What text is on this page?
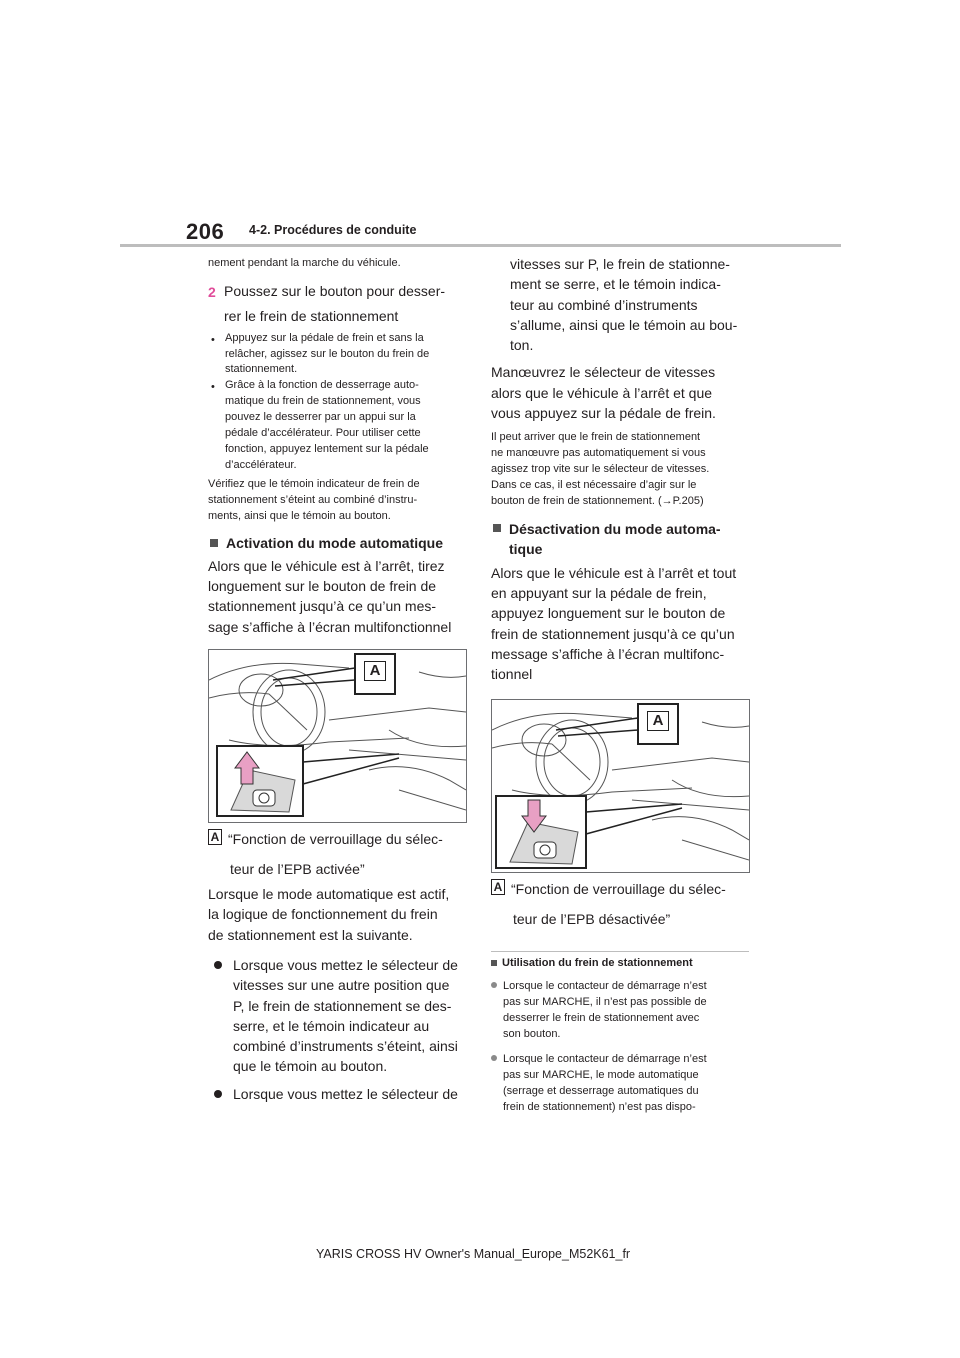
206 4-2. Procédures de conduite
nement pendant la marche du véhicule.
2 Poussez sur le bouton pour desser-
rer le frein de stationnement
• Appuyez sur la pédale de frein et sans la
relâcher, agissez sur le bouton du frein de
stationnement.
• Grâce à la fonction de desserrage auto-
matique du frein de stationnement, vous
pouvez le desserrer par un appui sur la
pédale d’accélérateur. Pour utiliser cette
fonction, appuyez lentement sur la pédale
d’accélérateur.
Vérifiez que le témoin indicateur de frein de
stationnement s’éteint au combiné d’instru-
ments, ainsi que le témoin au bouton.
Activation du mode automatique
Alors que le véhicule est à l’arrêt, tirez
longuement sur le bouton de frein de
stationnement jusqu’à ce qu’un mes-
sage s’affiche à l’écran multifonctionnel
A
A “Fonction de verrouillage du sélec-
teur de l’EPB activée”
Lorsque le mode automatique est actif,
la logique de fonctionnement du frein
de stationnement est la suivante.
Lorsque vous mettez le sélecteur de
vitesses sur une autre position que
P, le frein de stationnement se des-
serre, et le témoin indicateur au
combiné d’instruments s’éteint, ainsi
que le témoin au bouton.
Lorsque vous mettez le sélecteur de
vitesses sur P, le frein de stationne-
ment se serre, et le témoin indica-
teur au combiné d’instruments
s’allume, ainsi que le témoin au bou-
ton.
Manœuvrez le sélecteur de vitesses
alors que le véhicule à l’arrêt et que
vous appuyez sur la pédale de frein.
Il peut arriver que le frein de stationnement
ne manœuvre pas automatiquement si vous
agissez trop vite sur le sélecteur de vitesses.
Dans ce cas, il est nécessaire d’agir sur le
bouton de frein de stationnement. (→P.205)
Désactivation du mode automa-
tique
Alors que le véhicule est à l’arrêt et tout
en appuyant sur la pédale de frein,
appuyez longuement sur le bouton de
frein de stationnement jusqu’à ce qu’un
message s’affiche à l’écran multifonc-
tionnel
A
A “Fonction de verrouillage du sélec-
teur de l’EPB désactivée”
Utilisation du frein de stationnement
Lorsque le contacteur de démarrage n’est
pas sur MARCHE, il n’est pas possible de
desserrer le frein de stationnement avec
son bouton.
Lorsque le contacteur de démarrage n’est
pas sur MARCHE, le mode automatique
(serrage et desserrage automatiques du
frein de stationnement) n’est pas dispo-
YARIS CROSS HV Owner's Manual_Europe_M52K61_fr
